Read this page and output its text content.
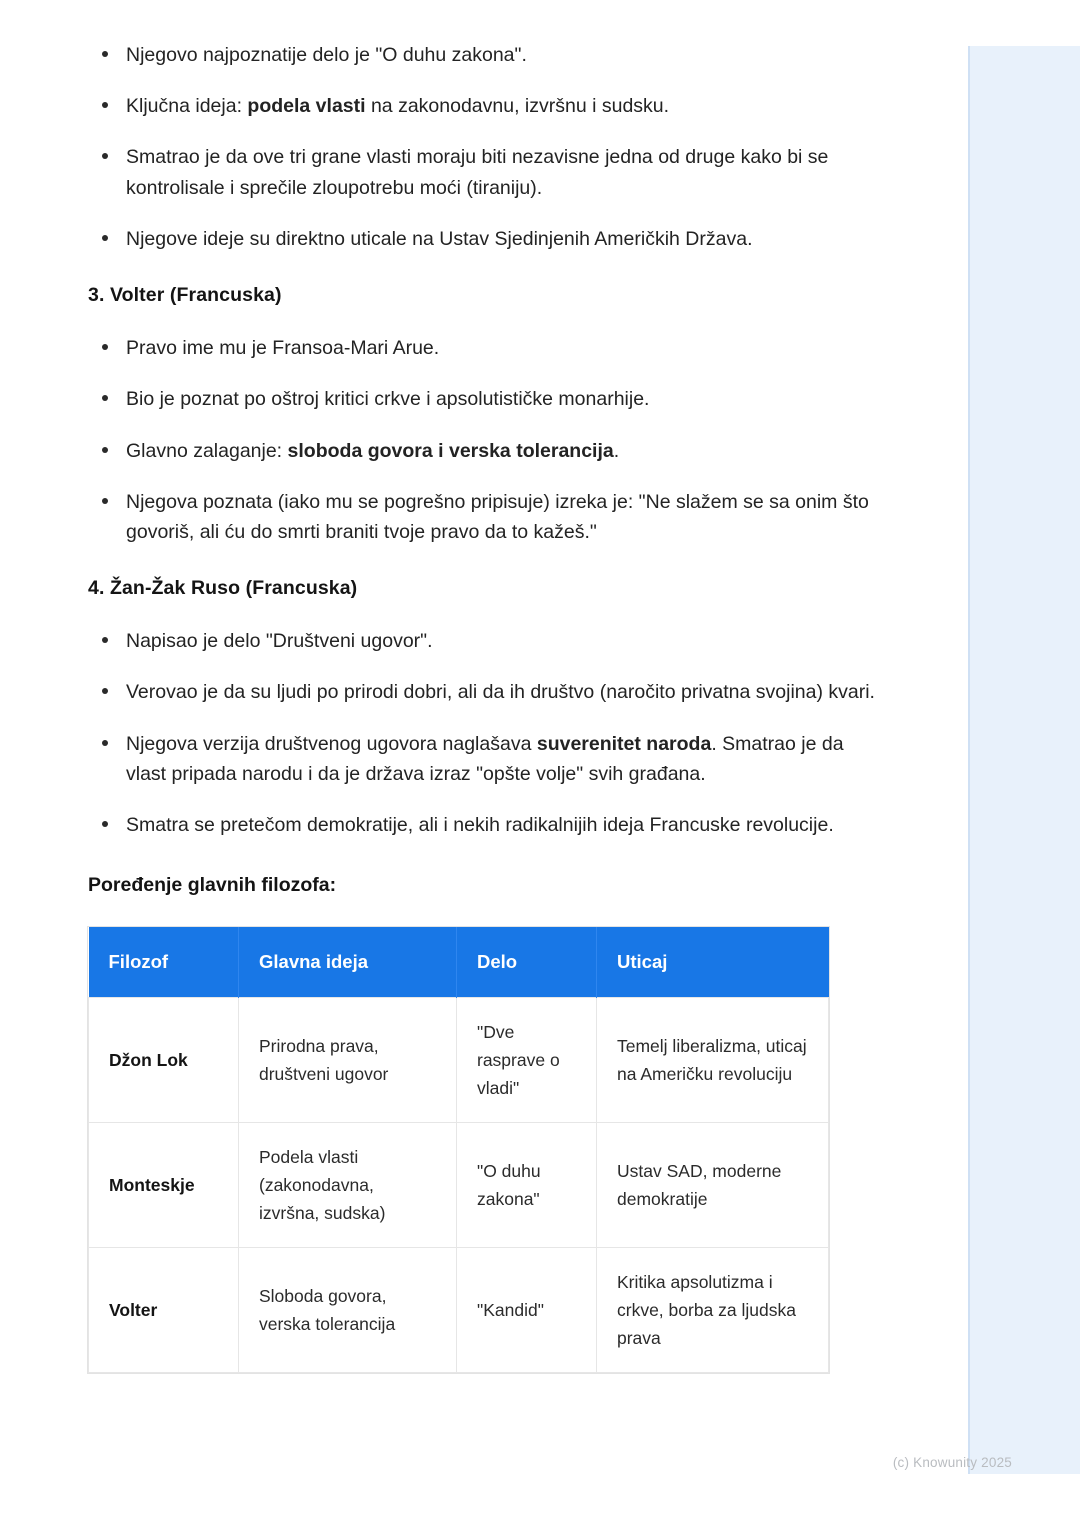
Njegovo najpoznatije delo je "O duhu zakona".
Ključna ideja: podela vlasti na zakonodavnu, izvršnu i sudsku.
Smatrao je da ove tri grane vlasti moraju biti nezavisne jedna od druge kako bi se kontrolisale i sprečile zloupotrebu moći (tiraniju).
Njegove ideje su direktno uticale na Ustav Sjedinjenih Američkih Država.
3. Volter (Francuska)
Pravo ime mu je Fransoa-Mari Arue.
Bio je poznat po oštroj kritici crkve i apsolutističke monarhije.
Glavno zalaganje: sloboda govora i verska tolerancija.
Njegova poznata (iako mu se pogrešno pripisuje) izreka je: "Ne slažem se sa onim što govoriš, ali ću do smrti braniti tvoje pravo da to kažeš."
4. Žan-Žak Ruso (Francuska)
Napisao je delo "Društveni ugovor".
Verovao je da su ljudi po prirodi dobri, ali da ih društvo (naročito privatna svojina) kvari.
Njegova verzija društvenog ugovora naglašava suverenitet naroda. Smatrao je da vlast pripada narodu i da je država izraz "opšte volje" svih građana.
Smatra se pretečom demokratije, ali i nekih radikalnijih ideja Francuske revolucije.

Poređenje glavnih filozofa:

Filozof	Glavna ideja	Delo	Uticaj
Džon Lok	Prirodna prava, društveni ugovor	"Dve rasprave o vladi"	Temelj liberalizma, uticaj na Američku revoluciju
Monteskje	Podela vlasti (zakonodavna, izvršna, sudska)	"O duhu zakona"	Ustav SAD, moderne demokratije
Volter	Sloboda govora, verska tolerancija	"Kandid"	Kritika apsolutizma i crkve, borba za ljudska prava
(c) Knowunity 2025
